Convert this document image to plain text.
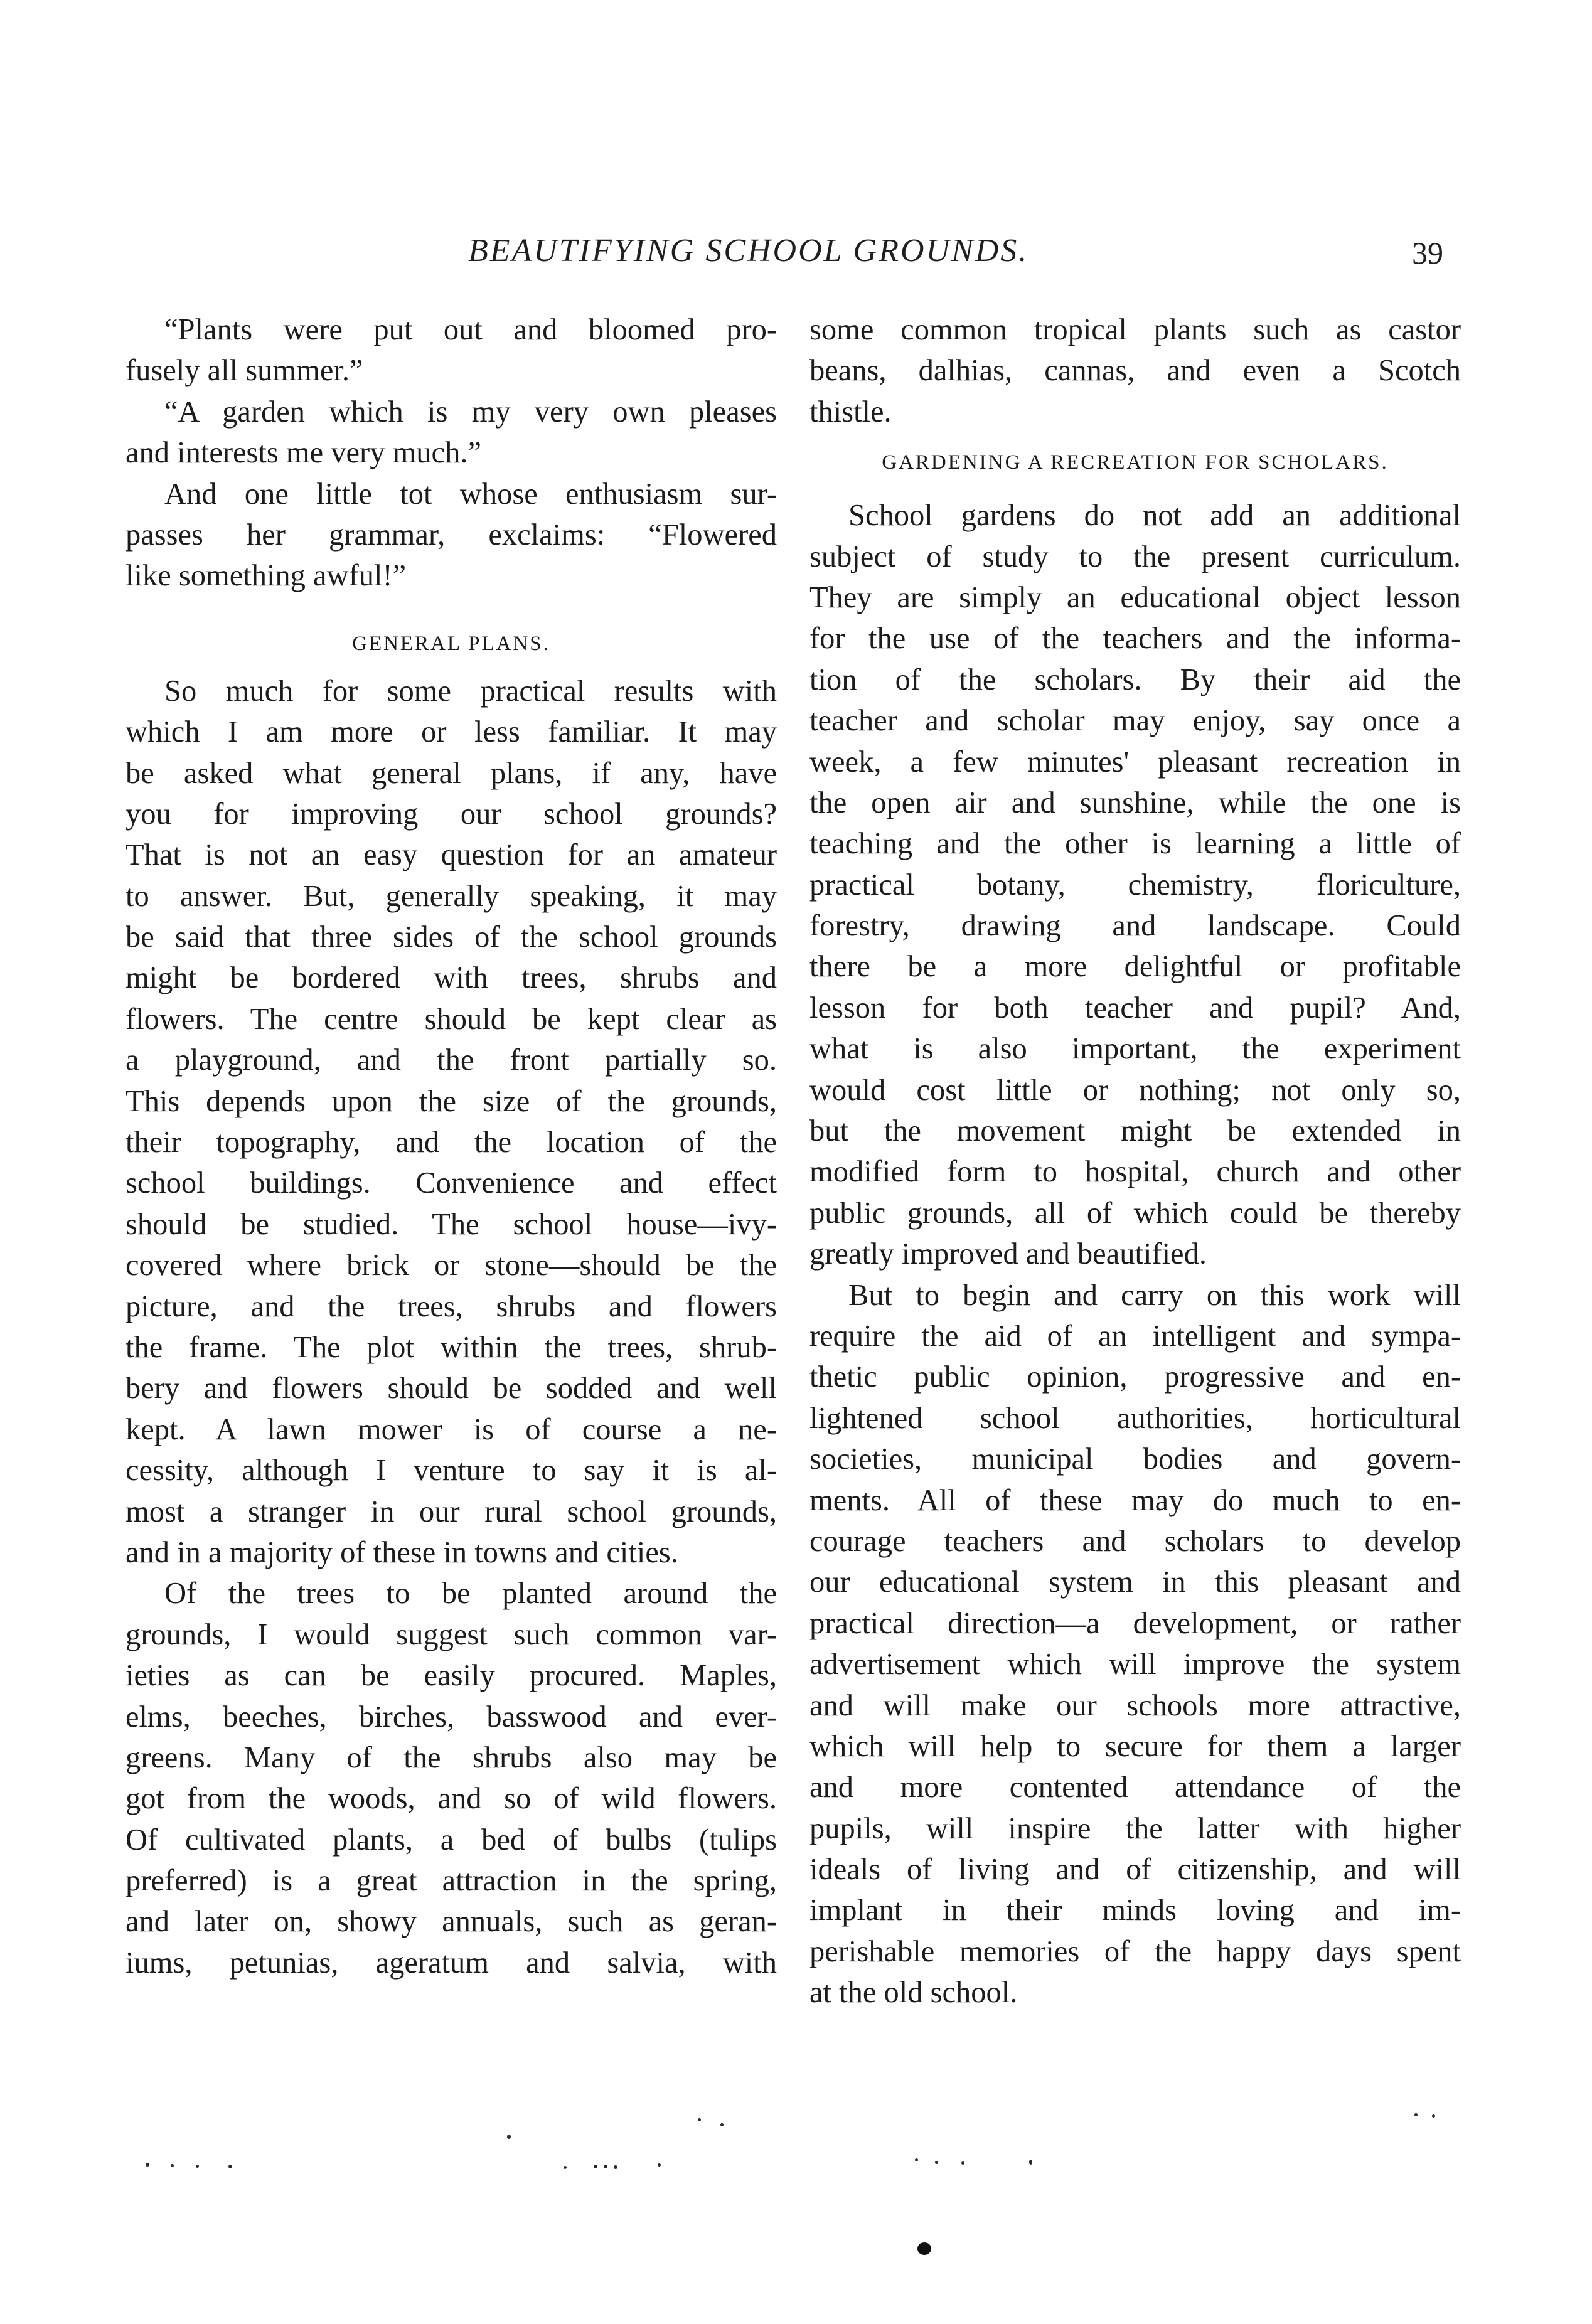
BEAUTIFYING SCHOOL GROUNDS.	39
“Plants were put out and bloomed pro-
fusely all summer.”
“A garden which is my very own pleases
and interests me very much.”
And one little tot whose enthusiasm sur-
passes her grammar, exclaims: “Flowered
like something awful!”
GENERAL PLANS.
So much for some practical results with
which I am more or less familiar. It may
be asked what general plans, if any, have
you for improving our school grounds?
That is not an easy question for an amateur
to answer. But, generally speaking, it may
be said that three sides of the school grounds
might be bordered with trees, shrubs and
flowers. The centre should be kept clear as
a playground, and the front partially so.
This depends upon the size of the grounds,
their topography, and the location of the
school buildings. Convenience and effect
should be studied. The school house—ivy-
covered where brick or stone—should be the
picture, and the trees, shrubs and flowers
the frame. The plot within the trees, shrub-
bery and flowers should be sodded and well
kept. A lawn mower is of course a ne-
cessity, although I venture to say it is al-
most a stranger in our rural school grounds,
and in a majority of these in towns and cities.
Of the trees to be planted around the
grounds, I would suggest such common var-
ieties as can be easily procured. Maples,
elms, beeches, birches, basswood and ever-
greens. Many of the shrubs also may be
got from the woods, and so of wild flowers.
Of cultivated plants, a bed of bulbs (tulips
preferred) is a great attraction in the spring,
and later on, showy annuals, such as geran-
iums, petunias, ageratum and salvia, with
some common tropical plants such as castor
beans, dalhias, cannas, and even a Scotch
thistle.
GARDENING A RECREATION FOR SCHOLARS.
School gardens do not add an additional
subject of study to the present curriculum.
They are simply an educational object lesson
for the use of the teachers and the informa-
tion of the scholars. By their aid the
teacher and scholar may enjoy, say once a
week, a few minutes' pleasant recreation in
the open air and sunshine, while the one is
teaching and the other is learning a little of
practical botany, chemistry, floriculture,
forestry, drawing and landscape. Could
there be a more delightful or profitable
lesson for both teacher and pupil? And,
what is also important, the experiment
would cost little or nothing; not only so,
but the movement might be extended in
modified form to hospital, church and other
public grounds, all of which could be thereby
greatly improved and beautified.
But to begin and carry on this work will
require the aid of an intelligent and sympa-
thetic public opinion, progressive and en-
lightened school authorities, horticultural
societies, municipal bodies and govern-
ments. All of these may do much to en-
courage teachers and scholars to develop
our educational system in this pleasant and
practical direction—a development, or rather
advertisement which will improve the system
and will make our schools more attractive,
which will help to secure for them a larger
and more contented attendance of the
pupils, will inspire the latter with higher
ideals of living and of citizenship, and will
implant in their minds loving and im-
perishable memories of the happy days spent
at the old school.
